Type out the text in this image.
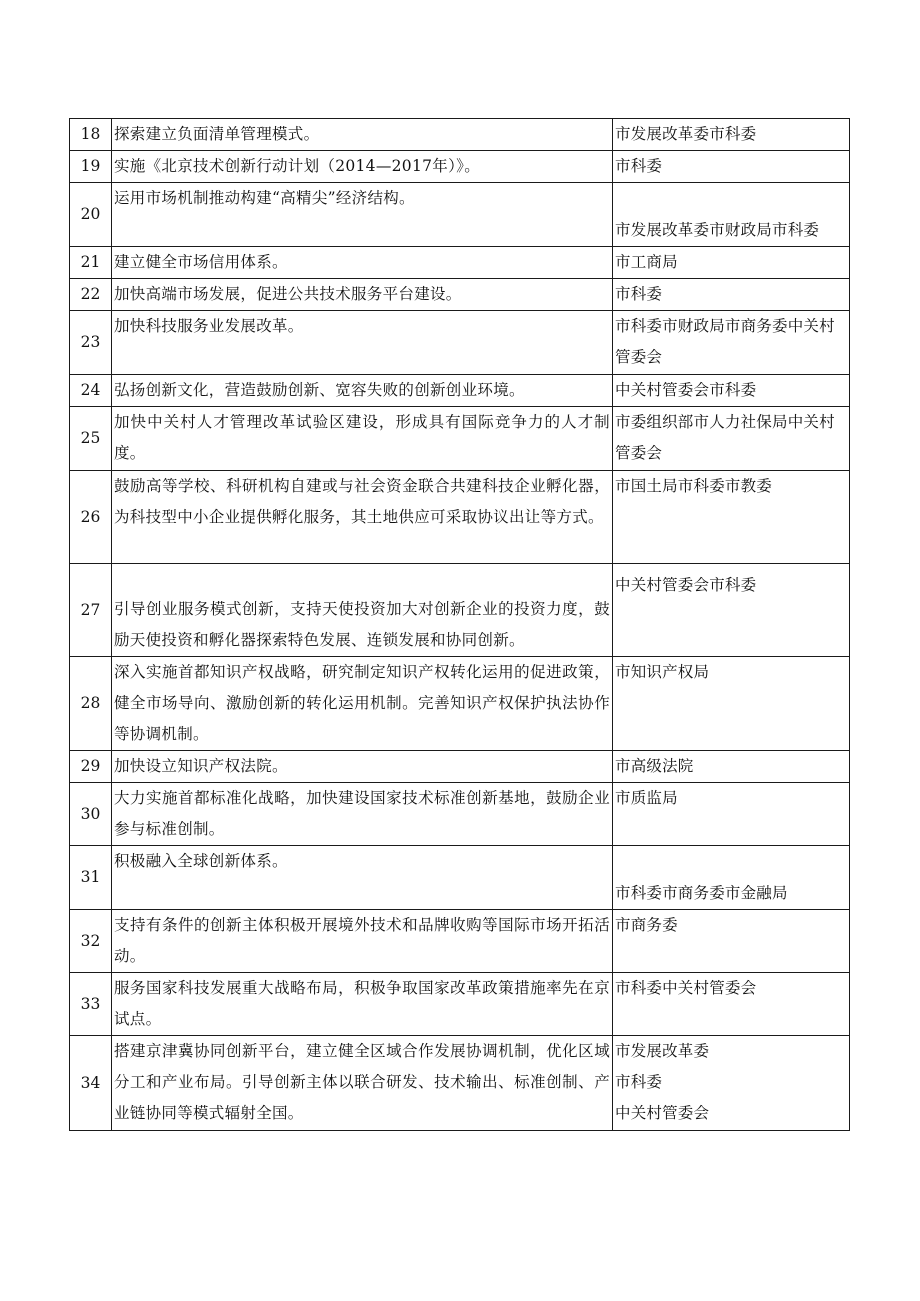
18	探索建立负面清单管理模式。	市发展改革委市科委
19	实施《北京技术创新行动计划（2014—2017年）》。	市科委
20	运用市场机制推动构建“高精尖”经济结构。	市发展改革委市财政局市科委
21	建立健全市场信用体系。	市工商局
22	加快高端市场发展，促进公共技术服务平台建设。	市科委
23	加快科技服务业发展改革。	市科委市财政局市商务委中关村管委会
24	弘扬创新文化，营造鼓励创新、宽容失败的创新创业环境。	中关村管委会市科委
25	加快中关村人才管理改革试验区建设，形成具有国际竞争力的人才制度。	市委组织部市人力社保局中关村管委会
26	鼓励高等学校、科研机构自建或与社会资金联合共建科技企业孵化器，为科技型中小企业提供孵化服务，其土地供应可采取协议出让等方式。	市国土局市科委市教委
27	引导创业服务模式创新，支持天使投资加大对创新企业的投资力度，鼓励天使投资和孵化器探索特色发展、连锁发展和协同创新。	中关村管委会市科委
28	深入实施首都知识产权战略，研究制定知识产权转化运用的促进政策，健全市场导向、激励创新的转化运用机制。完善知识产权保护执法协作等协调机制。	市知识产权局
29	加快设立知识产权法院。	市高级法院
30	大力实施首都标准化战略，加快建设国家技术标准创新基地，鼓励企业参与标准创制。	市质监局
31	积极融入全球创新体系。	市科委市商务委市金融局
32	支持有条件的创新主体积极开展境外技术和品牌收购等国际市场开拓活动。	市商务委
33	服务国家科技发展重大战略布局，积极争取国家改革政策措施率先在京试点。	市科委中关村管委会
34	搭建京津冀协同创新平台，建立健全区域合作发展协调机制，优化区域分工和产业布局。引导创新主体以联合研发、技术输出、标准创制、产业链协同等模式辐射全国。	市发展改革委
市科委
中关村管委会
